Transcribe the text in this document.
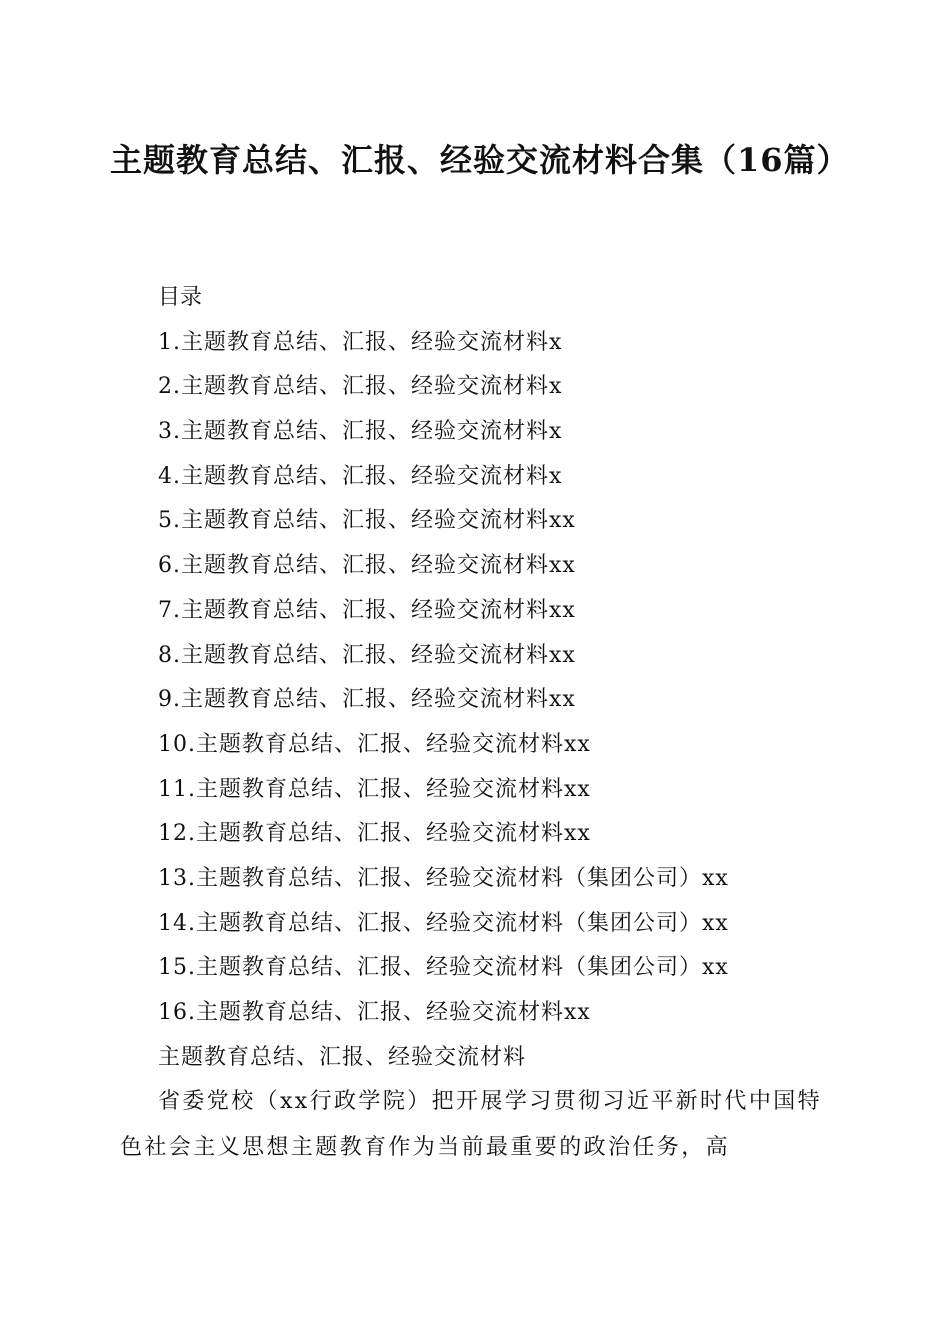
主题教育总结、汇报、经验交流材料合集（16篇）
目录
1.主题教育总结、汇报、经验交流材料x
2.主题教育总结、汇报、经验交流材料x
3.主题教育总结、汇报、经验交流材料x
4.主题教育总结、汇报、经验交流材料x
5.主题教育总结、汇报、经验交流材料xx
6.主题教育总结、汇报、经验交流材料xx
7.主题教育总结、汇报、经验交流材料xx
8.主题教育总结、汇报、经验交流材料xx
9.主题教育总结、汇报、经验交流材料xx
10.主题教育总结、汇报、经验交流材料xx
11.主题教育总结、汇报、经验交流材料xx
12.主题教育总结、汇报、经验交流材料xx
13.主题教育总结、汇报、经验交流材料（集团公司）xx
14.主题教育总结、汇报、经验交流材料（集团公司）xx
15.主题教育总结、汇报、经验交流材料（集团公司）xx
16.主题教育总结、汇报、经验交流材料xx
主题教育总结、汇报、经验交流材料

省委党校（xx行政学院）把开展学习贯彻习近平新时代中国特色社会主义思想主题教育作为当前最重要的政治任务，高
